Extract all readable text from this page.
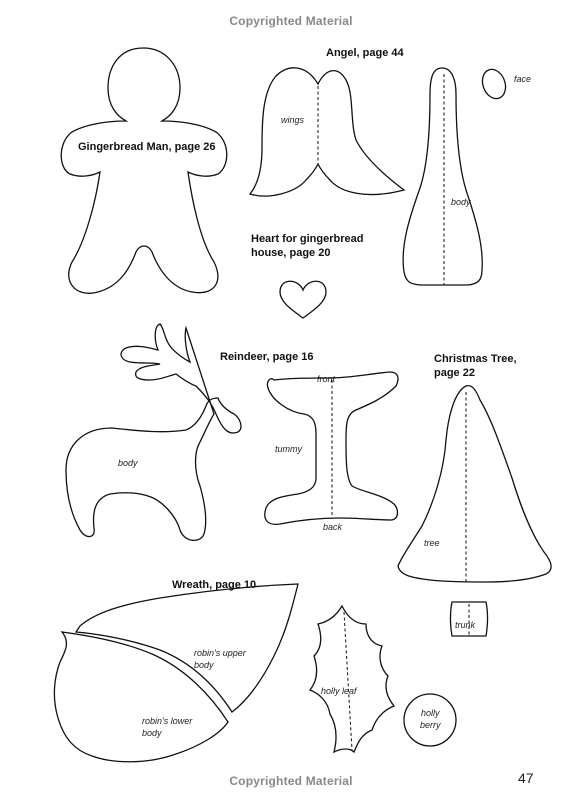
Copyrighted Material
Gingerbread Man, page 26
Angel, page 44
Heart for gingerbread
house, page 20
Reindeer, page 16	Christmas Tree,
page 22
Wreath, page 10
wings
body
face
body
front
tummy
back
tree
trunk
robin's upper
body
robin's lower
body
holly leaf
holly
berry
Copyrighted Material	47
